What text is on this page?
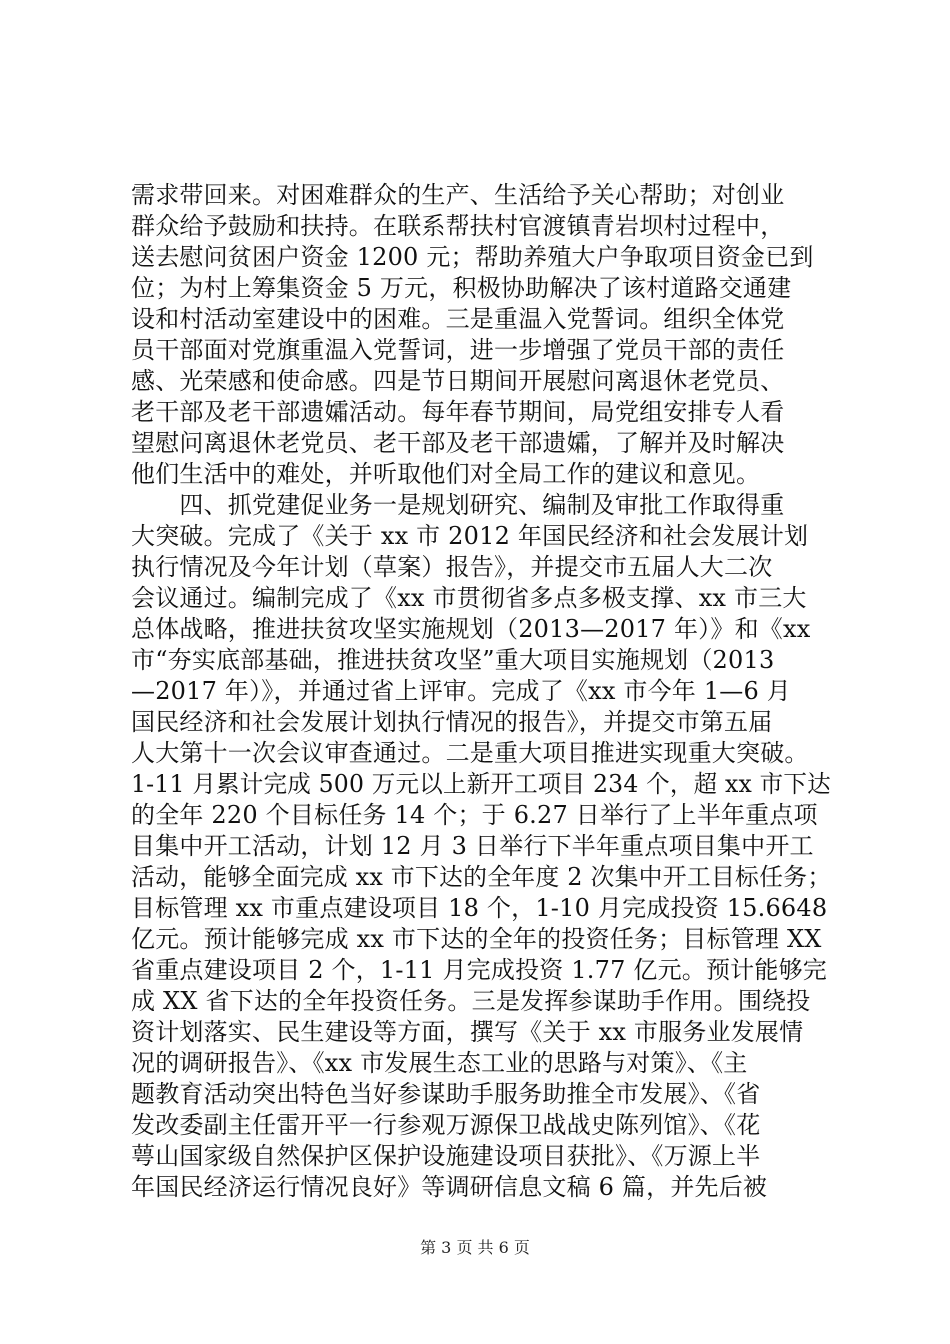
需求带回来。对困难群众的生产、生活给予关心帮助；对创业
群众给予鼓励和扶持。在联系帮扶村官渡镇青岩坝村过程中，
送去慰问贫困户资金 1200 元；帮助养殖大户争取项目资金已到
位；为村上筹集资金 5 万元，积极协助解决了该村道路交通建
设和村活动室建设中的困难。三是重温入党誓词。组织全体党
员干部面对党旗重温入党誓词，进一步增强了党员干部的责任
感、光荣感和使命感。四是节日期间开展慰问离退休老党员、
老干部及老干部遗孀活动。每年春节期间，局党组安排专人看
望慰问离退休老党员、老干部及老干部遗孀，了解并及时解决
他们生活中的难处，并听取他们对全局工作的建议和意见。
　　四、抓党建促业务一是规划研究、编制及审批工作取得重
大突破。完成了《关于 xx 市 2012 年国民经济和社会发展计划
执行情况及今年计划（草案）报告》，并提交市五届人大二次
会议通过。编制完成了《xx 市贯彻省多点多极支撑、xx 市三大
总体战略，推进扶贫攻坚实施规划（2013—2017 年）》和《xx
市“夯实底部基础，推进扶贫攻坚”重大项目实施规划（2013
—2017 年）》，并通过省上评审。完成了《xx 市今年 1—6 月
国民经济和社会发展计划执行情况的报告》，并提交市第五届
人大第十一次会议审查通过。二是重大项目推进实现重大突破。
1-11 月累计完成 500 万元以上新开工项目 234 个，超 xx 市下达
的全年 220 个目标任务 14 个；于 6.27 日举行了上半年重点项
目集中开工活动，计划 12 月 3 日举行下半年重点项目集中开工
活动，能够全面完成 xx 市下达的全年度 2 次集中开工目标任务；
目标管理 xx 市重点建设项目 18 个，1-10 月完成投资 15.6648
亿元。预计能够完成 xx 市下达的全年的投资任务；目标管理 XX
省重点建设项目 2 个，1-11 月完成投资 1.77 亿元。预计能够完
成 XX 省下达的全年投资任务。三是发挥参谋助手作用。围绕投
资计划落实、民生建设等方面，撰写《关于 xx 市服务业发展情
况的调研报告》、《xx 市发展生态工业的思路与对策》、《主
题教育活动突出特色当好参谋助手服务助推全市发展》、《省
发改委副主任雷开平一行参观万源保卫战战史陈列馆》、《花
萼山国家级自然保护区保护设施建设项目获批》、《万源上半
年国民经济运行情况良好》等调研信息文稿 6 篇，并先后被
第 3 页 共 6 页
